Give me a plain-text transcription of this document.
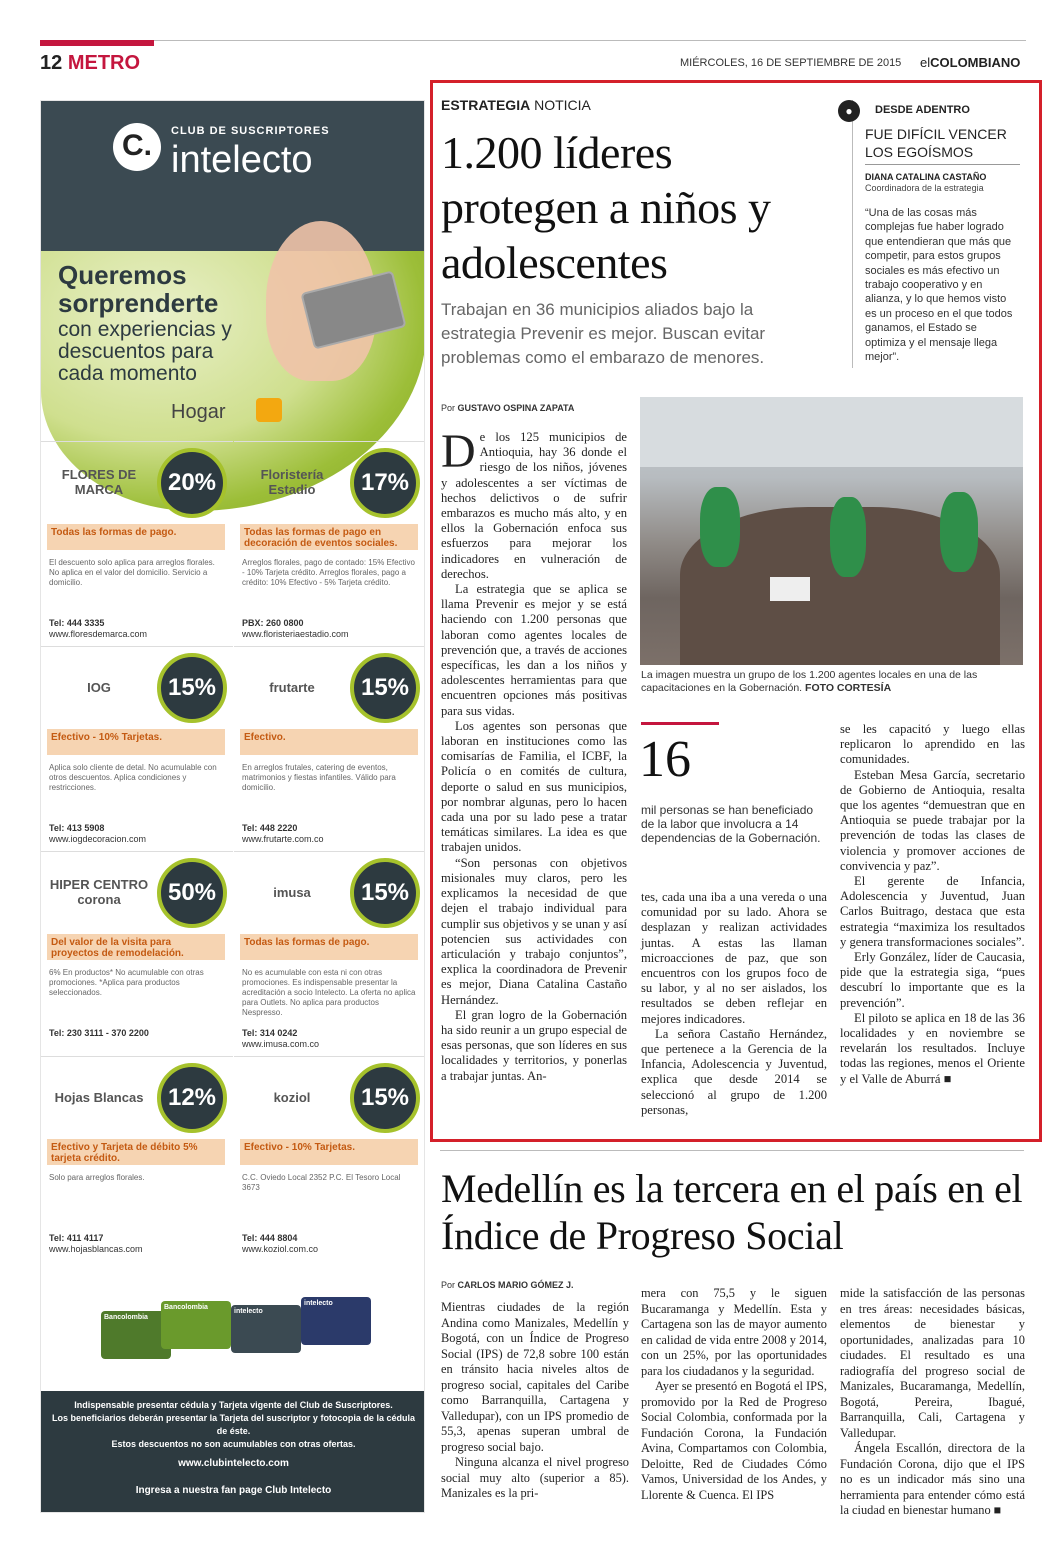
12 METRO	MIÉRCOLES, 16 DE SEPTIEMBRE DE 2015 elCOLOMBIANO
C.	CLUB DE SUSCRIPTORES
intelecto
Queremos sorprenderte
con experiencias y descuentos para cada momento
Hogar
FLORES DE MARCA	20%
Todas las formas de pago.
El descuento solo aplica para arreglos florales. No aplica en el valor del domicilio. Servicio a domicilio.
Tel: 444 3335
www.floresdemarca.com
Floristería Estadio	17%
Todas las formas de pago en decoración de eventos sociales.
Arreglos florales, pago de contado: 15% Efectivo - 10% Tarjeta crédito. Arreglos florales, pago a crédito: 10% Efectivo - 5% Tarjeta crédito.
PBX: 260 0800
www.floristeriaestadio.com
IOG	15%
Efectivo - 10% Tarjetas.
Aplica solo cliente de detal. No acumulable con otros descuentos. Aplica condiciones y restricciones.
Tel: 413 5908
www.iogdecoracion.com
frutarte	15%
Efectivo.
En arreglos frutales, catering de eventos, matrimonios y fiestas infantiles. Válido para domicilio.
Tel: 448 2220
www.frutarte.com.co
HIPER CENTRO corona	50%
Del valor de la visita para proyectos de remodelación.
6% En productos* No acumulable con otras promociones. *Aplica para productos seleccionados.
Tel: 230 3111 - 370 2200
imusa	15%
Todas las formas de pago.
No es acumulable con esta ni con otras promociones. Es indispensable presentar la acreditación a socio Intelecto. La oferta no aplica para Outlets. No aplica para productos Nespresso.
Tel: 314 0242
www.imusa.com.co
Hojas Blancas	12%
Efectivo y Tarjeta de débito 5% tarjeta crédito.
Solo para arreglos florales.
Tel: 411 4117
www.hojasblancas.com
koziol	15%
Efectivo - 10% Tarjetas.
C.C. Oviedo Local 2352 P.C. El Tesoro Local 3673
Tel: 444 8804
www.koziol.com.co
Bancolombia
Bancolombia
intelecto
intelecto
Indispensable presentar cédula y Tarjeta vigente del Club de Suscriptores.
Los beneficiarios deberán presentar la Tarjeta del suscriptor y fotocopia de la cédula de éste.
Estos descuentos no son acumulables con otras ofertas.
www.clubintelecto.com
Ingresa a nuestra fan page Club Intelecto
ESTRATEGIA NOTICIA
1.200 líderes protegen a niños y adolescentes
Trabajan en 36 municipios aliados bajo la estrategia Prevenir es mejor. Buscan evitar problemas como el embarazo de menores.
●	DESDE ADENTRO
FUE DIFÍCIL VENCER LOS EGOÍSMOS
DIANA CATALINA CASTAÑO
Coordinadora de la estrategia
“Una de las cosas más complejas fue haber logrado que entendieran que más que competir, para estos grupos sociales es más efectivo un trabajo cooperativo y en alianza, y lo que hemos visto es un proceso en el que todos ganamos, el Estado se optimiza y el mensaje llega mejor”.
Por GUSTAVO OSPINA ZAPATA

De los 125 municipios de Antioquia, hay 36 donde el riesgo de los niños, jóvenes y adolescentes a ser víctimas de hechos delictivos o de sufrir embarazos es mucho más alto, y en ellos la Gobernación enfoca sus esfuerzos para mejorar los indicadores en vulneración de derechos.

La estrategia que se aplica se llama Prevenir es mejor y se está haciendo con 1.200 personas que laboran como agentes locales de prevención que, a través de acciones específicas, les dan a los niños y adolescentes herramientas para que encuentren opciones más positivas para sus vidas.

Los agentes son personas que laboran en instituciones como las comisarías de Familia, el ICBF, la Policía o en comités de cultura, deporte o salud en sus municipios, por nombrar algunas, pero lo hacen cada una por su lado pese a tratar temáticas similares. La idea es que trabajen unidos.

“Son personas con objetivos misionales muy claros, pero les explicamos la necesidad de que dejen el trabajo individual para cumplir sus objetivos y se unan y así potencien sus actividades con articulación y trabajo conjuntos”, explica la coordinadora de Prevenir es mejor, Diana Catalina Castaño Hernández.

El gran logro de la Gobernación ha sido reunir a un grupo especial de esas personas, que son líderes en sus localidades y territorios, y ponerlas a trabajar juntas. An-

La imagen muestra un grupo de los 1.200 agentes locales en una de las capacitaciones en la Gobernación. FOTO CORTESÍA
16
mil personas se han beneficiado de la labor que involucra a 14 dependencias de la Gobernación.

tes, cada una iba a una vereda o una comunidad por su lado. Ahora se desplazan y realizan actividades juntas. A estas las llaman microacciones de paz, que son encuentros con los grupos foco de su labor, y al no ser aislados, los resultados se deben reflejar en mejores indicadores.

La señora Castaño Hernández, que pertenece a la Gerencia de la Infancia, Adolescencia y Juventud, explica que desde 2014 se seleccionó al grupo de 1.200 personas,

se les capacitó y luego ellas replicaron lo aprendido en las comunidades.

Esteban Mesa García, secretario de Gobierno de Antioquia, resalta que los agentes “demuestran que en Antioquia se puede trabajar por la prevención de todas las clases de violencia y promover acciones de convivencia y paz”.

El gerente de Infancia, Adolescencia y Juventud, Juan Carlos Buitrago, destaca que esta estrategia “maximiza los resultados y genera transformaciones sociales”.

Erly González, líder de Caucasia, pide que la estrategia siga, “pues descubrí lo importante que es la prevención”.

El piloto se aplica en 18 de las 36 localidades y en noviembre se revelarán los resultados. Incluye todas las regiones, menos el Oriente y el Valle de Aburrá ■

Medellín es la tercera en el país en el Índice de Progreso Social
Por CARLOS MARIO GÓMEZ J.

Mientras ciudades de la región Andina como Manizales, Medellín y Bogotá, con un Índice de Progreso Social (IPS) de 72,8 sobre 100 están en tránsito hacia niveles altos de progreso social, capitales del Caribe como Barranquilla, Cartagena y Valledupar), con un IPS promedio de 55,3, apenas superan umbral de progreso social bajo.

Ninguna alcanza el nivel progreso social muy alto (superior a 85). Manizales es la pri-

mera con 75,5 y le siguen Bucaramanga y Medellín. Esta y Cartagena son las de mayor aumento en calidad de vida entre 2008 y 2014, con un 25%, por las oportunidades para los ciudadanos y la seguridad.

Ayer se presentó en Bogotá el IPS, promovido por la Red de Progreso Social Colombia, conformada por la Fundación Corona, la Fundación Avina, Compartamos con Colombia, Deloitte, Red de Ciudades Cómo Vamos, Universidad de los Andes, y Llorente & Cuenca. El IPS

mide la satisfacción de las personas en tres áreas: necesidades básicas, elementos de bienestar y oportunidades, analizadas para 10 ciudades. El resultado es una radiografía del progreso social de Manizales, Bucaramanga, Medellín, Bogotá, Pereira, Ibagué, Barranquilla, Cali, Cartagena y Valledupar.

Ángela Escallón, directora de la Fundación Corona, dijo que el IPS no es un indicador más sino una herramienta para entender cómo está la ciudad en bienestar humano ■
